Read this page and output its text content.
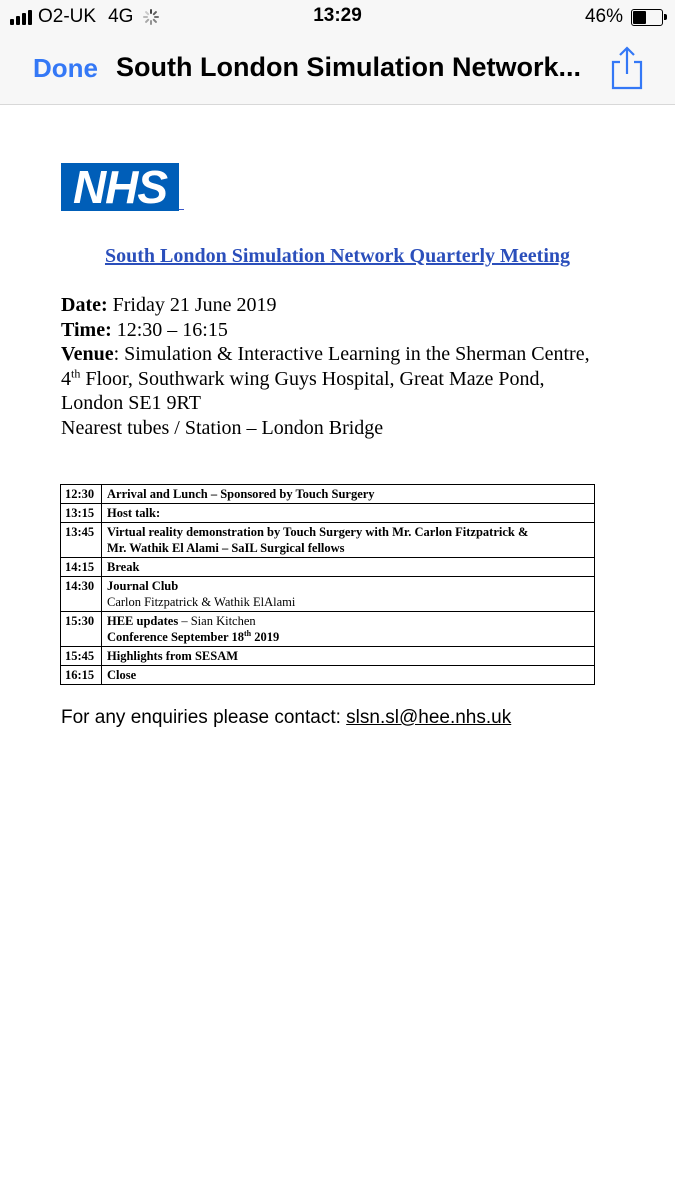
O2-UK 4G	13:29	46%
Done South London Simulation Network...
NHS
South London Simulation Network Quarterly Meeting
Date: Friday 21 June 2019
Time: 12:30 – 16:15
Venue: Simulation & Interactive Learning in the Sherman Centre,
4th Floor, Southwark wing Guys Hospital, Great Maze Pond,
London SE1 9RT
Nearest tubes / Station – London Bridge
12:30	Arrival and Lunch – Sponsored by Touch Surgery
13:15	Host talk:
13:45	Virtual reality demonstration by Touch Surgery with Mr. Carlon Fitzpatrick &
Mr. Wathik El Alami – SaIL Surgical fellows

14:15	Break
14:30	Journal Club
Carlon Fitzpatrick & Wathik ElAlami

15:30	HEE updates – Sian Kitchen
Conference September 18th 2019

15:45	Highlights from SESAM
16:15	Close
For any enquiries please contact: slsn.sl@hee.nhs.uk
